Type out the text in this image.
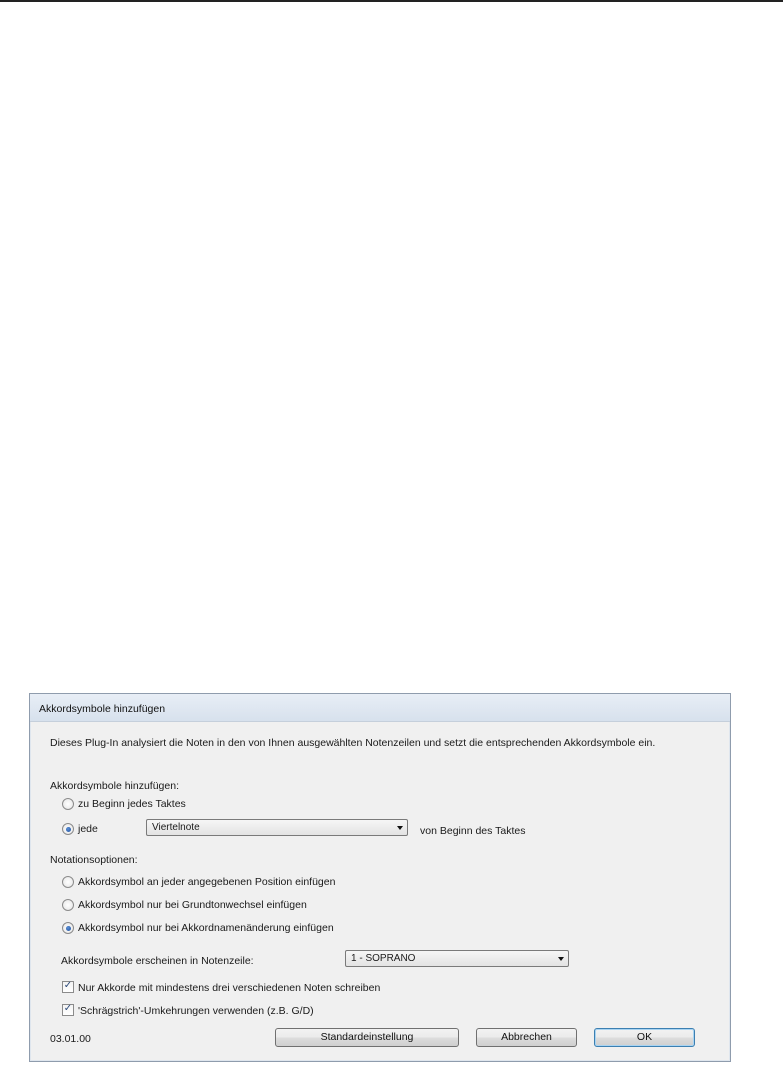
Akkordsymbole hinzufügen
Dieses Plug-In analysiert die Noten in den von Ihnen ausgewählten Notenzeilen und setzt die entsprechenden Akkordsymbole ein.
Akkordsymbole hinzufügen:
zu Beginn jedes Taktes
jede	Viertelnote	von Beginn des Taktes
Notationsoptionen:
Akkordsymbol an jeder angegebenen Position einfügen
Akkordsymbol nur bei Grundtonwechsel einfügen
Akkordsymbol nur bei Akkordnamenänderung einfügen
Akkordsymbole erscheinen in Notenzeile:	1 - SOPRANO
✓ Nur Akkorde mit mindestens drei verschiedenen Noten schreiben
✓ 'Schrägstrich'-Umkehrungen verwenden (z.B. G/D)
03.01.00	Standardeinstellung	Abbrechen	OK
